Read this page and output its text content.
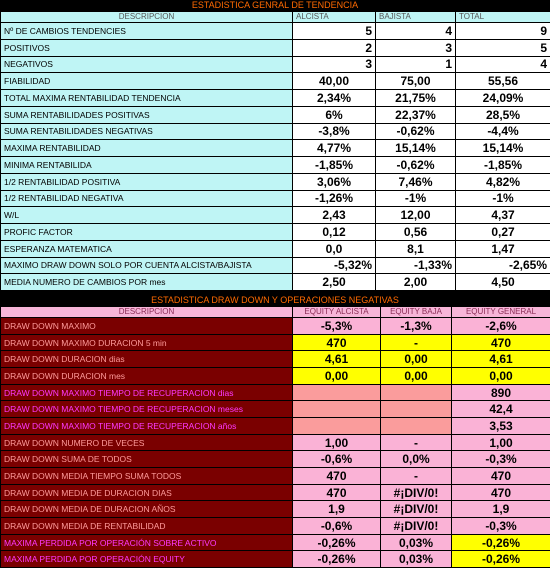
ESTADISTICA GENRAL DE TENDENCIA
DESCRIPCION	ALCISTA	BAJISTA	TOTAL
Nº DE CAMBIOS TENDENCIES	5	4	9
POSITIVOS	2	3	5
NEGATIVOS	3	1	4
FIABILIDAD	40,00	75,00	55,56
TOTAL MAXIMA RENTABILIDAD TENDENCIA	2,34%	21,75%	24,09%
SUMA RENTABILIDADES POSITIVAS	6%	22,37%	28,5%
SUMA RENTABILIDADES NEGATIVAS	-3,8%	-0,62%	-4,4%
MAXIMA RENTABILIDAD	4,77%	15,14%	15,14%
MINIMA RENTABILIDA	-1,85%	-0,62%	-1,85%
1/2 RENTABILIDAD POSITIVA	3,06%	7,46%	4,82%
1/2 RENTABILIDAD NEGATIVA	-1,26%	-1%	-1%
W/L	2,43	12,00	4,37
PROFIC FACTOR	0,12	0,56	0,27
ESPERANZA MATEMATICA	0,0	8,1	1,47
MAXIMO DRAW DOWN SOLO POR CUENTA ALCISTA/BAJISTA	-5,32%	-1,33%	-2,65%
MEDIA NUMERO DE CAMBIOS POR mes	2,50	2,00	4,50
ESTADISTICA DRAW DOWN Y OPERACIONES NEGATIVAS
DESCRIPCION	EQUITY ALCISTA	EQUITY BAJA	EQUITY GENERAL
DRAW DOWN MAXIMO	-5,3%	-1,3%	-2,6%
DRAW DOWN MAXIMO DURACION 5 min	470	-	470
DRAW DOWN DURACION dias	4,61	0,00	4,61
DRAW DOWN DURACION mes	0,00	0,00	0,00
DRAW DOWN MAXIMO TIEMPO DE RECUPERACION dias			890
DRAW DOWN MAXIMO TIEMPO DE RECUPERACION meses			42,4
DRAW DOWN MAXIMO TIEMPO DE RECUPERACION años			3,53
DRAW DOWN NUMERO DE VECES	1,00	-	1,00
DRAW DOWN SUMA DE TODOS	-0,6%	0,0%	-0,3%
DRAW DOWN MEDIA TIEMPO SUMA TODOS	470	-	470
DRAW DOWN MEDIA DE DURACION DIAS	470	#¡DIV/0!	470
DRAW DOWN MEDIA DE DURACION AÑOS	1,9	#¡DIV/0!	1,9
DRAW DOWN MEDIA DE RENTABILIDAD	-0,6%	#¡DIV/0!	-0,3%
MAXIMA PERDIDA POR OPERACIÓN SOBRE ACTIVO	-0,26%	0,03%	-0,26%
MAXIMA PERDIDA POR OPERACIÓN EQUITY	-0,26%	0,03%	-0,26%
